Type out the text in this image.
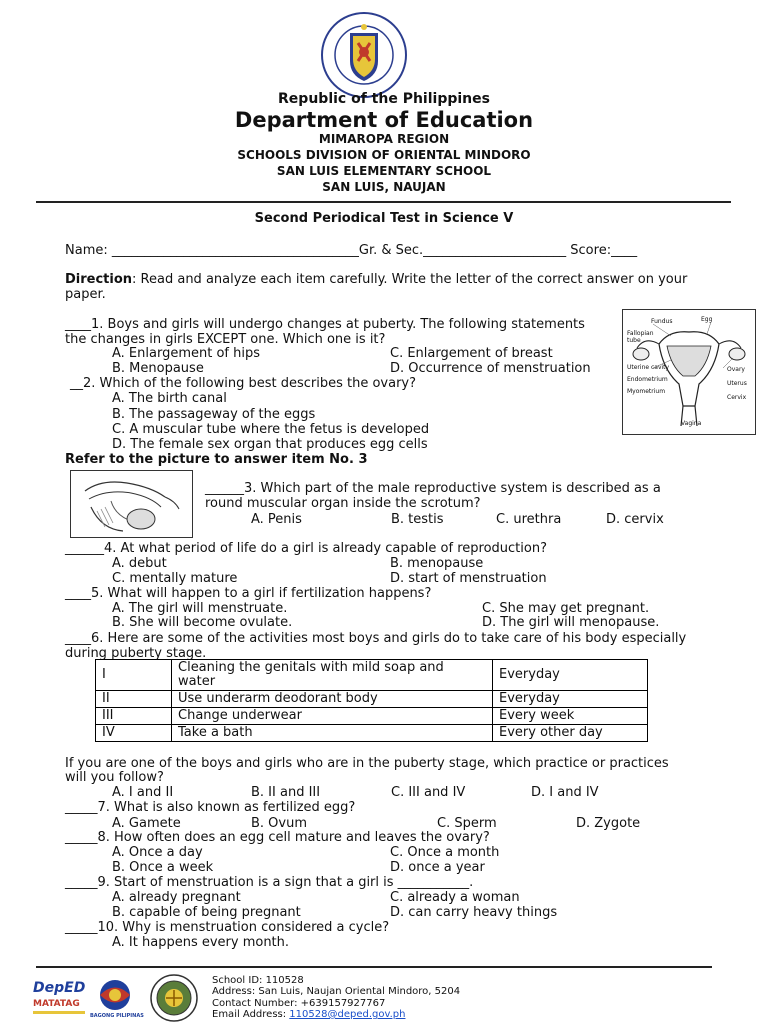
Republic of the Philippines
Department of Education
MIMAROPA REGION
SCHOOLS DIVISION OF ORIENTAL MINDORO
SAN LUIS ELEMENTARY SCHOOL
SAN LUIS, NAUJAN
Second Periodical Test in Science V
Name: ______________________________________Gr. & Sec.______________________ Score:____
Direction: Read and analyze each item carefully. Write the letter of the correct answer on your
paper.
Fundus	Egg
Fallopian tube
Uterine cavity	Ovary
Endometrium
Uterus
Myometrium
Cervix
Vagina
____1. Boys and girls will undergo changes at puberty. The following statements
the changes in girls EXCEPT one. Which one is it?
A. Enlargement of hips	C. Enlargement of breast
B. Menopause	D. Occurrence of menstruation
__2. Which of the following best describes the ovary?
A. The birth canal
B. The passageway of the eggs
C. A muscular tube where the fetus is developed
D. The female sex organ that produces egg cells
Refer to the picture to answer item No. 3
______3. Which part of the male reproductive system is described as a
round muscular organ inside the scrotum?
A. Penis	B. testis	C. urethra	D. cervix
______4. At what period of life do a girl is already capable of reproduction?
A. debut	B. menopause
C. mentally mature	D. start of menstruation
____5. What will happen to a girl if fertilization happens?
A. The girl will menstruate.	C. She may get pregnant.
B. She will become ovulate.	D. The girl will menopause.
____6. Here are some of the activities most boys and girls do to take care of his body especially
during puberty stage.
I	Cleaning the genitals with mild soap and
water	Everyday
II	Use underarm deodorant body	Everyday
III	Change underwear	Every week
IV	Take a bath	Every other day
If you are one of the boys and girls who are in the puberty stage, which practice or practices
will you follow?
A. I and II	B. II and III	C. III and IV	D. I and IV
_____7. What is also known as fertilized egg?
A. Gamete	B. Ovum	C. Sperm	D. Zygote
_____8. How often does an egg cell mature and leaves the ovary?
A. Once a day	C. Once a month
B. Once a week	D. once a year
_____9. Start of menstruation is a sign that a girl is ___________.
A. already pregnant	C. already a woman
B. capable of being pregnant	D. can carry heavy things
_____10. Why is menstruation considered a cycle?
A. It happens every month.
DepED
MATATAG
BAGONG PILIPINAS
School ID: 110528
Address: San Luis, Naujan Oriental Mindoro, 5204
Contact Number: +639157927767
Email Address: 110528@deped.gov.ph
